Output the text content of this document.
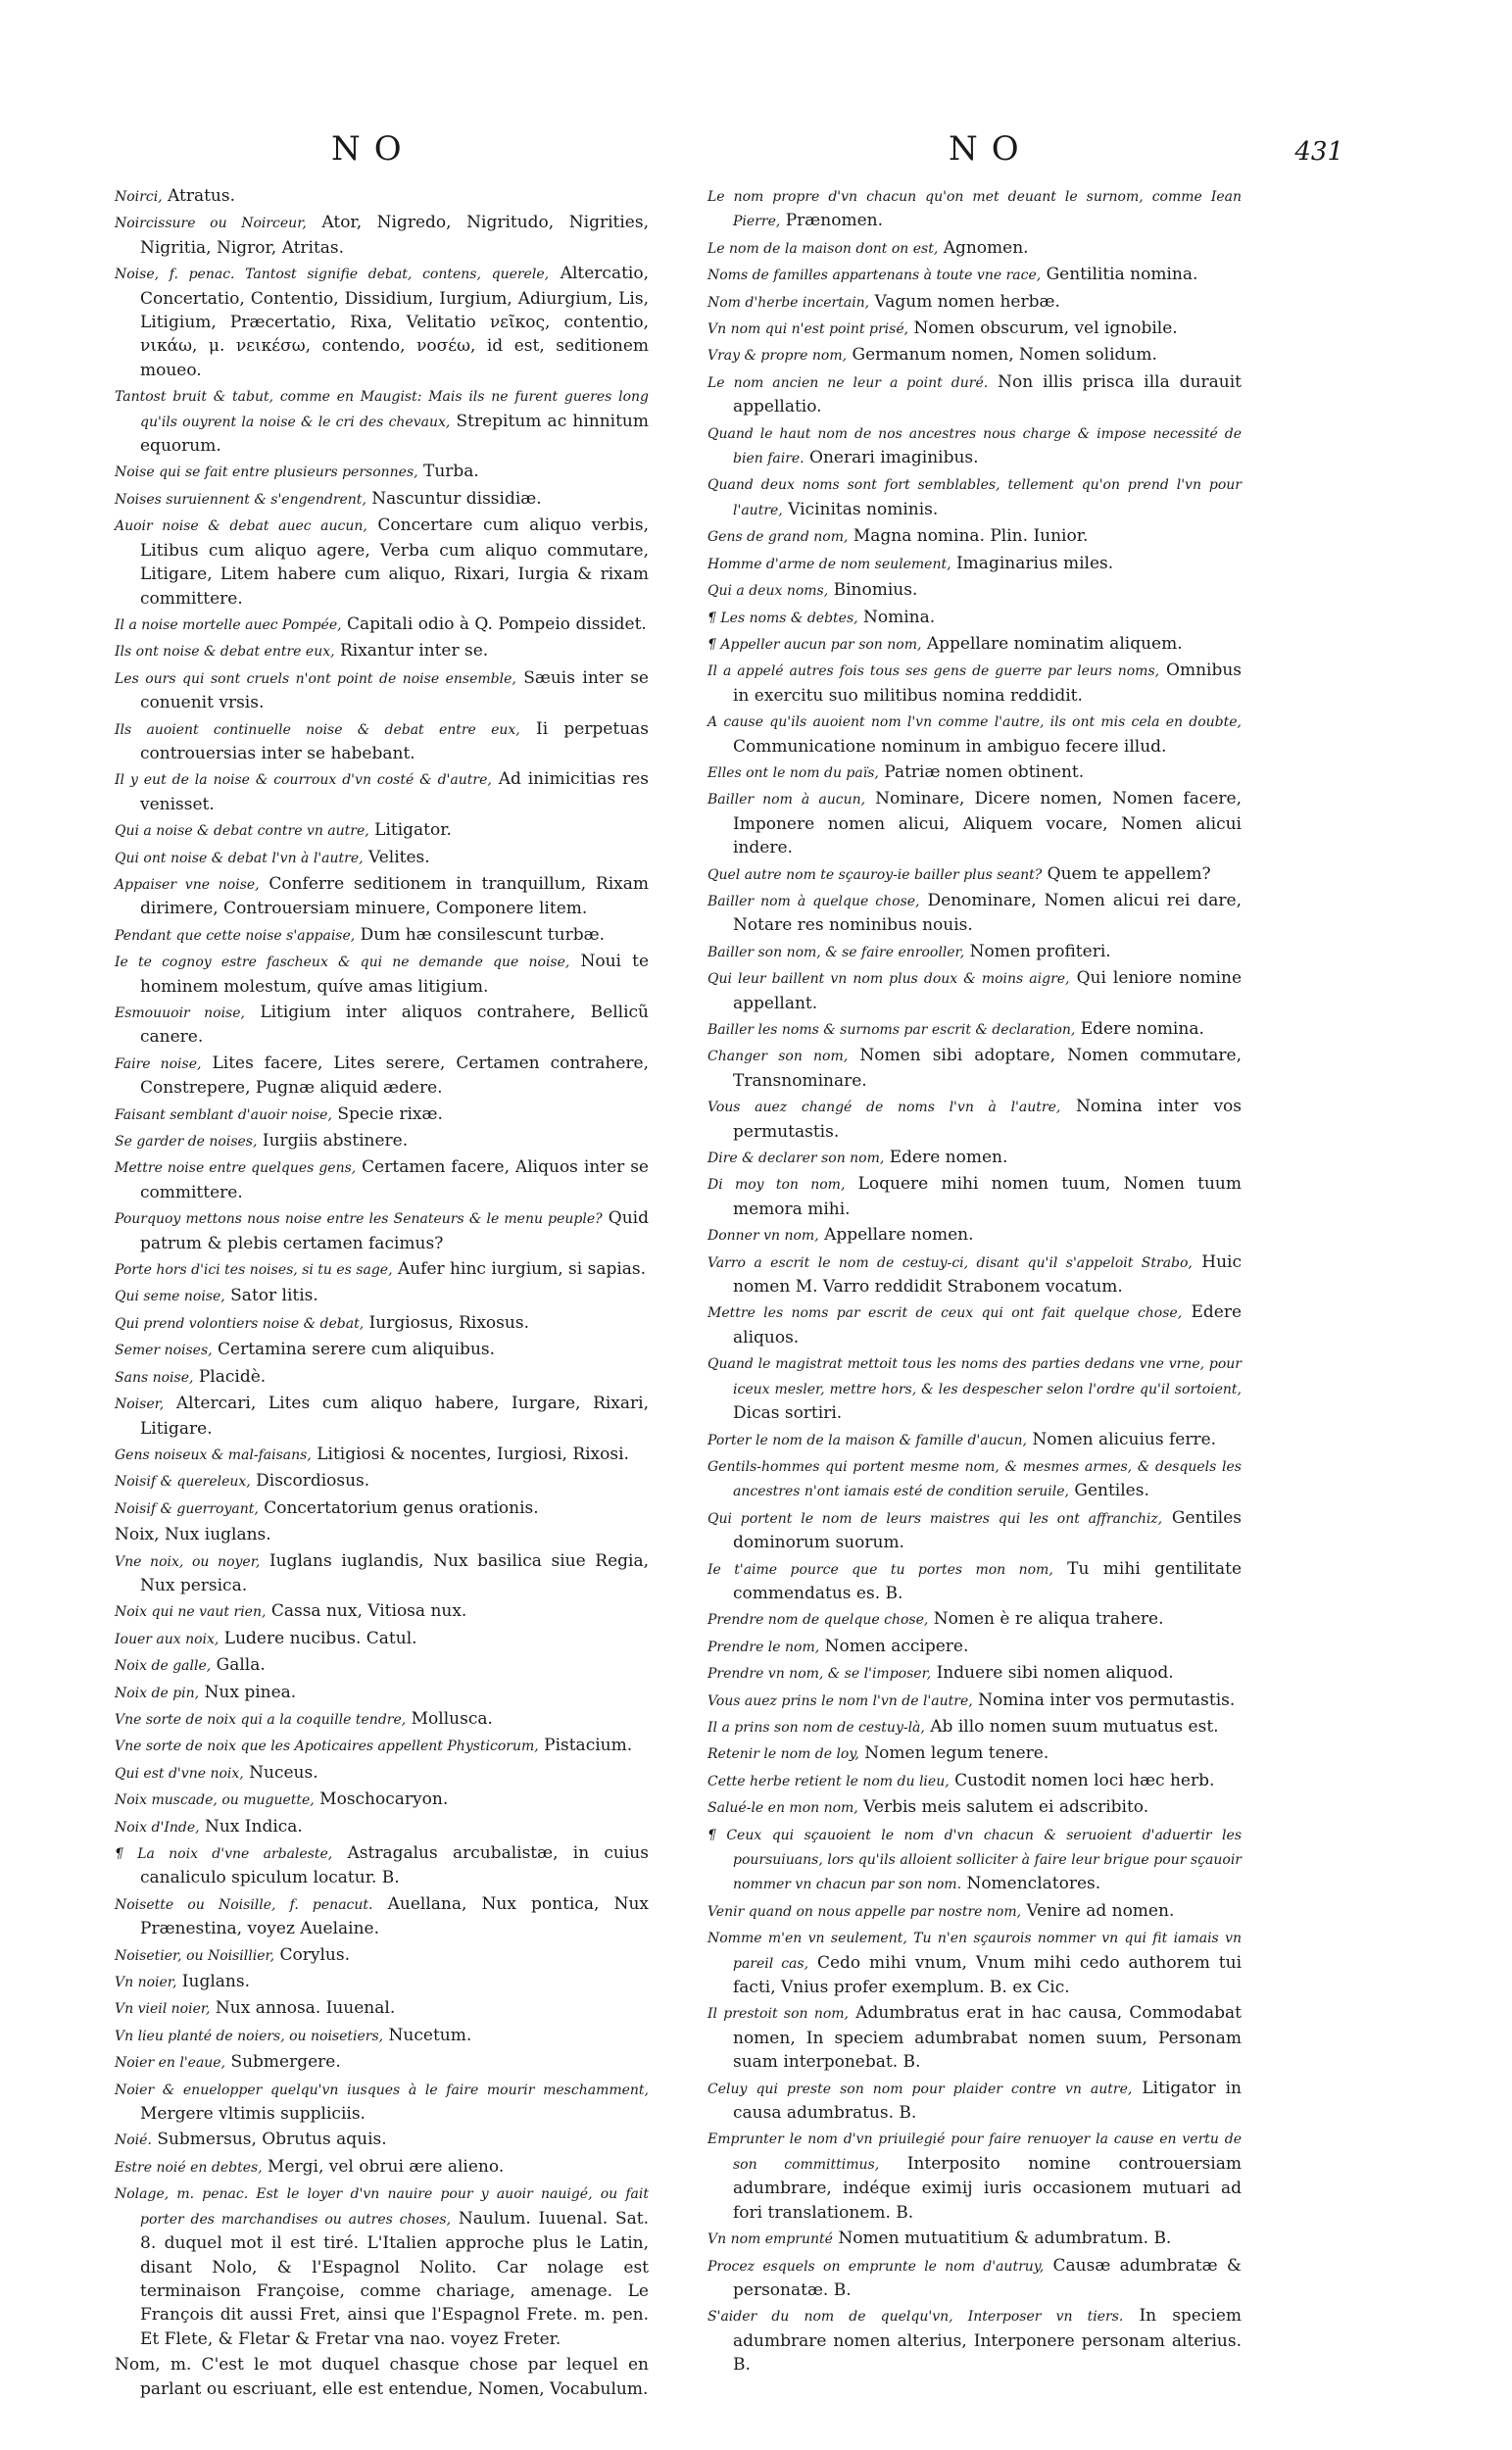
NO	NO	431

Noirci, Atratus.

Noircissure ou Noirceur, Ator, Nigredo, Nigritudo, Nigrities, Nigritia, Nigror, Atritas.

Noise, f. penac. Tantost signifie debat, contens, querele, Altercatio, Concertatio, Contentio, Dissidium, Iurgium, Adiurgium, Lis, Litigium, Præcertatio, Rixa, Velitatio νεῖκος, contentio, νικάω, μ. νεικέσω, contendo, νοσέω, id est, seditionem moueo.

Tantost bruit & tabut, comme en Maugist: Mais ils ne furent gueres long qu'ils ouyrent la noise & le cri des chevaux, Strepitum ac hinnitum equorum.

Noise qui se fait entre plusieurs personnes, Turba.

Noises suruiennent & s'engendrent, Nascuntur dissidiæ.

Auoir noise & debat auec aucun, Concertare cum aliquo verbis, Litibus cum aliquo agere, Verba cum aliquo commutare, Litigare, Litem habere cum aliquo, Rixari, Iurgia & rixam committere.

Il a noise mortelle auec Pompée, Capitali odio à Q. Pompeio dissidet.

Ils ont noise & debat entre eux, Rixantur inter se.

Les ours qui sont cruels n'ont point de noise ensemble, Sæuis inter se conuenit vrsis.

Ils auoient continuelle noise & debat entre eux, Ii perpetuas controuersias inter se habebant.

Il y eut de la noise & courroux d'vn costé & d'autre, Ad inimicitias res venisset.

Qui a noise & debat contre vn autre, Litigator.

Qui ont noise & debat l'vn à l'autre, Velites.

Appaiser vne noise, Conferre seditionem in tranquillum, Rixam dirimere, Controuersiam minuere, Componere litem.

Pendant que cette noise s'appaise, Dum hæ consilescunt turbæ.

Ie te cognoy estre fascheux & qui ne demande que noise, Noui te hominem molestum, quíve amas litigium.

Esmouuoir noise, Litigium inter aliquos contrahere, Bellicũ canere.

Faire noise, Lites facere, Lites serere, Certamen contrahere, Constrepere, Pugnæ aliquid ædere.

Faisant semblant d'auoir noise, Specie rixæ.

Se garder de noises, Iurgiis abstinere.

Mettre noise entre quelques gens, Certamen facere, Aliquos inter se committere.

Pourquoy mettons nous noise entre les Senateurs & le menu peuple? Quid patrum & plebis certamen facimus?

Porte hors d'ici tes noises, si tu es sage, Aufer hinc iurgium, si sapias.

Qui seme noise, Sator litis.

Qui prend volontiers noise & debat, Iurgiosus, Rixosus.

Semer noises, Certamina serere cum aliquibus.

Sans noise, Placidè.

Noiser, Altercari, Lites cum aliquo habere, Iurgare, Rixari, Litigare.

Gens noiseux & mal-faisans, Litigiosi & nocentes, Iurgiosi, Rixosi.

Noisif & quereleux, Discordiosus.

Noisif & guerroyant, Concertatorium genus orationis.

Noix, Nux iuglans.

Vne noix, ou noyer, Iuglans iuglandis, Nux basilica siue Regia, Nux persica.

Noix qui ne vaut rien, Cassa nux, Vitiosa nux.

Iouer aux noix, Ludere nucibus. Catul.

Noix de galle, Galla.

Noix de pin, Nux pinea.

Vne sorte de noix qui a la coquille tendre, Mollusca.

Vne sorte de noix que les Apoticaires appellent Physticorum, Pistacium.

Qui est d'vne noix, Nuceus.

Noix muscade, ou muguette, Moschocaryon.

Noix d'Inde, Nux Indica.

¶ La noix d'vne arbaleste, Astragalus arcubalistæ, in cuius canaliculo spiculum locatur. B.

Noisette ou Noisille, f. penacut. Auellana, Nux pontica, Nux Prænestina, voyez Auelaine.

Noisetier, ou Noisillier, Corylus.

Vn noier, Iuglans.

Vn vieil noier, Nux annosa. Iuuenal.

Vn lieu planté de noiers, ou noisetiers, Nucetum.

Noier en l'eaue, Submergere.

Noier & enuelopper quelqu'vn iusques à le faire mourir meschamment, Mergere vltimis suppliciis.

Noié. Submersus, Obrutus aquis.

Estre noié en debtes, Mergi, vel obrui ære alieno.

Nolage, m. penac. Est le loyer d'vn nauire pour y auoir nauigé, ou fait porter des marchandises ou autres choses, Naulum. Iuuenal. Sat. 8. duquel mot il est tiré. L'Italien approche plus le Latin, disant Nolo, & l'Espagnol Nolito. Car nolage est terminaison Françoise, comme chariage, amenage. Le François dit aussi Fret, ainsi que l'Espagnol Frete. m. pen. Et Flete, & Fletar & Fretar vna nao. voyez Freter.

Nom, m. C'est le mot duquel chasque chose par lequel en parlant ou escriuant, elle est entendue, Nomen, Vocabulum.

Le nom propre d'vn chacun qu'on met deuant le surnom, comme Iean Pierre, Prænomen.

Le nom de la maison dont on est, Agnomen.

Noms de familles appartenans à toute vne race, Gentilitia nomina.

Nom d'herbe incertain, Vagum nomen herbæ.

Vn nom qui n'est point prisé, Nomen obscurum, vel ignobile.

Vray & propre nom, Germanum nomen, Nomen solidum.

Le nom ancien ne leur a point duré. Non illis prisca illa durauit appellatio.

Quand le haut nom de nos ancestres nous charge & impose necessité de bien faire. Onerari imaginibus.

Quand deux noms sont fort semblables, tellement qu'on prend l'vn pour l'autre, Vicinitas nominis.

Gens de grand nom, Magna nomina. Plin. Iunior.

Homme d'arme de nom seulement, Imaginarius miles.

Qui a deux noms, Binomius.

¶ Les noms & debtes, Nomina.

¶ Appeller aucun par son nom, Appellare nominatim aliquem.

Il a appelé autres fois tous ses gens de guerre par leurs noms, Omnibus in exercitu suo militibus nomina reddidit.

A cause qu'ils auoient nom l'vn comme l'autre, ils ont mis cela en doubte, Communicatione nominum in ambiguo fecere illud.

Elles ont le nom du païs, Patriæ nomen obtinent.

Bailler nom à aucun, Nominare, Dicere nomen, Nomen facere, Imponere nomen alicui, Aliquem vocare, Nomen alicui indere.

Quel autre nom te sçauroy-ie bailler plus seant? Quem te appellem?

Bailler nom à quelque chose, Denominare, Nomen alicui rei dare, Notare res nominibus nouis.

Bailler son nom, & se faire enrooller, Nomen profiteri.

Qui leur baillent vn nom plus doux & moins aigre, Qui leniore nomine appellant.

Bailler les noms & surnoms par escrit & declaration, Edere nomina.

Changer son nom, Nomen sibi adoptare, Nomen commutare, Transnominare.

Vous auez changé de noms l'vn à l'autre, Nomina inter vos permutastis.

Dire & declarer son nom, Edere nomen.

Di moy ton nom, Loquere mihi nomen tuum, Nomen tuum memora mihi.

Donner vn nom, Appellare nomen.

Varro a escrit le nom de cestuy-ci, disant qu'il s'appeloit Strabo, Huic nomen M. Varro reddidit Strabonem vocatum.

Mettre les noms par escrit de ceux qui ont fait quelque chose, Edere aliquos.

Quand le magistrat mettoit tous les noms des parties dedans vne vrne, pour iceux mesler, mettre hors, & les despescher selon l'ordre qu'il sortoient, Dicas sortiri.

Porter le nom de la maison & famille d'aucun, Nomen alicuius ferre.

Gentils-hommes qui portent mesme nom, & mesmes armes, & desquels les ancestres n'ont iamais esté de condition seruile, Gentiles.

Qui portent le nom de leurs maistres qui les ont affranchiz, Gentiles dominorum suorum.

Ie t'aime pource que tu portes mon nom, Tu mihi gentilitate commendatus es. B.

Prendre nom de quelque chose, Nomen è re aliqua trahere.

Prendre le nom, Nomen accipere.

Prendre vn nom, & se l'imposer, Induere sibi nomen aliquod.

Vous auez prins le nom l'vn de l'autre, Nomina inter vos permutastis.

Il a prins son nom de cestuy-là, Ab illo nomen suum mutuatus est.

Retenir le nom de loy, Nomen legum tenere.

Cette herbe retient le nom du lieu, Custodit nomen loci hæc herb.

Salué-le en mon nom, Verbis meis salutem ei adscribito.

¶ Ceux qui sçauoient le nom d'vn chacun & seruoient d'aduertir les poursuiuans, lors qu'ils alloient solliciter à faire leur brigue pour sçauoir nommer vn chacun par son nom. Nomenclatores.

Venir quand on nous appelle par nostre nom, Venire ad nomen.

Nomme m'en vn seulement, Tu n'en sçaurois nommer vn qui fit iamais vn pareil cas, Cedo mihi vnum, Vnum mihi cedo authorem tui facti, Vnius profer exemplum. B. ex Cic.

Il prestoit son nom, Adumbratus erat in hac causa, Commodabat nomen, In speciem adumbrabat nomen suum, Personam suam interponebat. B.

Celuy qui preste son nom pour plaider contre vn autre, Litigator in causa adumbratus. B.

Emprunter le nom d'vn priuilegié pour faire renuoyer la cause en vertu de son committimus, Interposito nomine controuersiam adumbrare, indéque eximij iuris occasionem mutuari ad fori translationem. B.

Vn nom emprunté Nomen mutuatitium & adumbratum. B.

Procez esquels on emprunte le nom d'autruy, Causæ adumbratæ & personatæ. B.

S'aider du nom de quelqu'vn, Interposer vn tiers. In speciem adumbrare nomen alterius, Interponere personam alterius. B.
